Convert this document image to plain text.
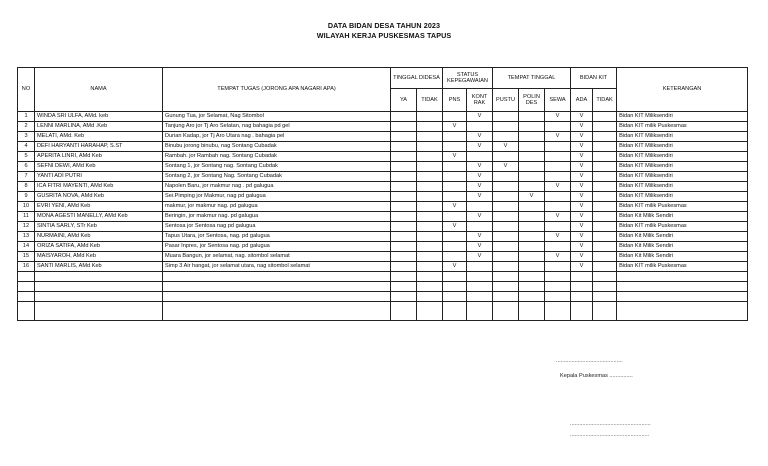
DATA BIDAN DESA TAHUN 2023
WILAYAH KERJA PUSKESMAS TAPUS
NO	NAMA	TEMPAT TUGAS (JORONG APA NAGARI APA)	TINGGAL DIDESA		STATUS KEPEGAWAIAN		TEMPAT TINGGAL			BIDAN KIT		KETERANGAN
			YA	TIDAK	PNS	KONT RAK	PUSTU	POLIN DES	SEWA	ADA	TIDAK	
1	WINDA SRI ULFA, AMd. keb	Gunung Tua, jor Selamat, Nag Sitombol				V			V	V		Bidan KIT Miliksendiri
2	LENNI MARLINA, AMd .Keb	Tanjung Aro jor Tj Aro Selatan, nag bahagia pd gel			V					V		Bidan KIT milik Puskesmas
3	MELATI, AMd. Keb	Durian Kadap, jor Tj Aro Utara nag . bahagia pel				V			V	V		Bidan KIT Miliksendiri
4	DEFI HARYANTI HARAHAP, S.ST	Binubu jorong binubu, nag Sontang Cubadak				V	V			V		Bidan KIT Miliksendiri
5	APERITA LINRI, AMd Keb	Rambah. jor Rambah nag. Sontang Cubadak			V					V		Bidan KIT Miliksendiri
6	SEFNI DEWI, AMd Keb	Sontang 1, jor Sontang nag. Sontang Cubdak				V	V			V		Bidan KIT Miliksendiri
7	YANTI ADI PUTRI	Sontang 2, jor Sontang Nag. Sontang Cubadak				V				V		Bidan KIT Miliksendiri
8	ICA FITRI MAYENTI, AMd Keb	Napolen Baru, jor makmur nag . pd galugua				V			V	V		Bidan KIT Miliksendiri
9	GUSRITA NOVA, AMd Keb	Sei.Pimping jor Makmur, nag pd galugua				V		V		V		Bidan KIT Miliksendiri
10	EVRI YENI, AMd Keb	makmur, jor makmur nag. pd galugua			V					V		Bidan KIT milik Puskesmas
11	MONA AGESTI MANELLY, AMd Keb	Beringin, jor makmur nag. pd galugua				V			V	V		Bidan Kit Milik Sendiri
12	SINTIA SARLY, STr Keb	Sentosa jor Sentosa nag pd galugua			V					V		Bidan KIT milik Puskesmas
13	NURMAINI, AMd Keb	Tapus Utara, jor Sentosa, nag. pd galugua				V			V	V		Bidan Kit Milik Sendiri
14	ORIZA SATIFA, AMd Keb	Pasar Inpres, jor Sentosa nag. pd galugua				V				V		Bidan Kit Milik Sendiri
15	MAISYAROH, AMd Keb	Muara Bangun, jor selamat, nag. sitombol selamat				V			V	V		Bidan Kit Milik Sendiri
16	SANTI MARLIS, AMd Keb	Simp 3 Air hangat, jor selamat utara, nag sitombol selamat			V					V		Bidan KIT milik Puskesmas

...........................................
Kepala Puskesmas ...............
....................................................
...................................................
